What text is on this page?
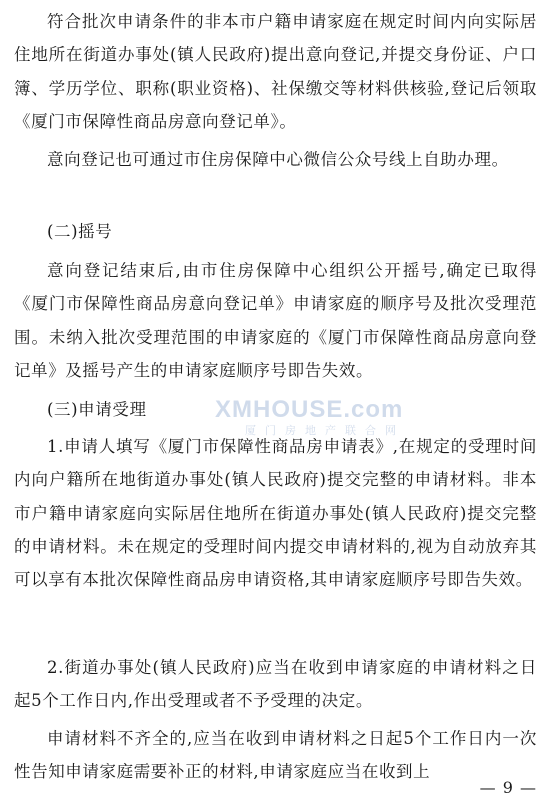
符合批次申请条件的非本市户籍申请家庭在规定时间内向实际居住地所在街道办事处(镇人民政府)提出意向登记,并提交身份证、户口簿、学历学位、职称(职业资格)、社保缴交等材料供核验,登记后领取《厦门市保障性商品房意向登记单》。

意向登记也可通过市住房保障中心微信公众号线上自助办理。

(二)摇号

意向登记结束后,由市住房保障中心组织公开摇号,确定已取得《厦门市保障性商品房意向登记单》申请家庭的顺序号及批次受理范围。未纳入批次受理范围的申请家庭的《厦门市保障性商品房意向登记单》及摇号产生的申请家庭顺序号即告失效。

(三)申请受理

1.申请人填写《厦门市保障性商品房申请表》,在规定的受理时间内向户籍所在地街道办事处(镇人民政府)提交完整的申请材料。非本市户籍申请家庭向实际居住地所在街道办事处(镇人民政府)提交完整的申请材料。未在规定的受理时间内提交申请材料的,视为自动放弃其可以享有本批次保障性商品房申请资格,其申请家庭顺序号即告失效。

2.街道办事处(镇人民政府)应当在收到申请家庭的申请材料之日起5个工作日内,作出受理或者不予受理的决定。

申请材料不齐全的,应当在收到申请材料之日起5个工作日内一次性告知申请家庭需要补正的材料,申请家庭应当在收到上

XMHOUSE.com
厦门房地产联合网
— 9 —
